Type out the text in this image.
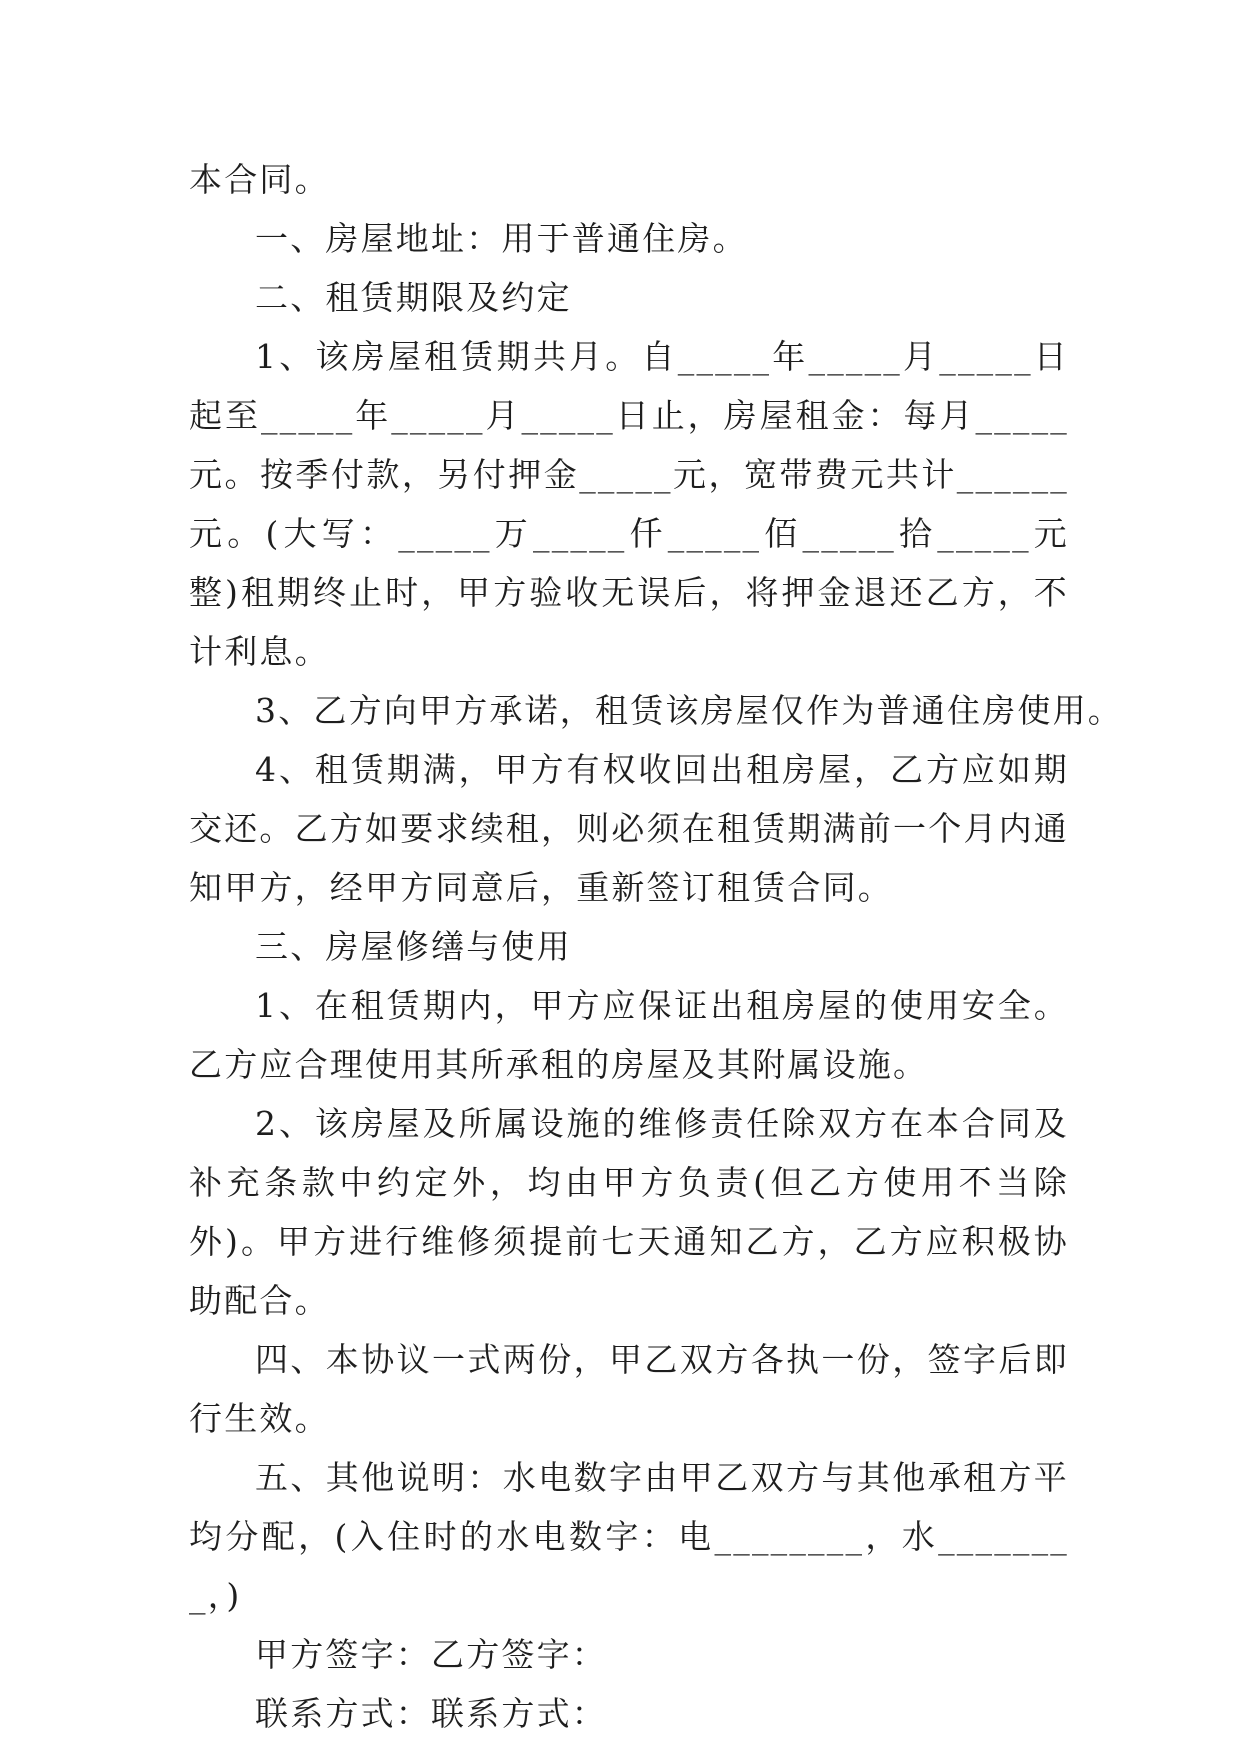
本合同。

一、房屋地址：用于普通住房。

二、租赁期限及约定

1、该房屋租赁期共月。自_____年_____月_____日起至_____年_____月_____日止，房屋租金：每月_____元。按季付款，另付押金_____元，宽带费元共计______元。(大写：_____万_____仟_____佰_____拾_____元整)租期终止时，甲方验收无误后，将押金退还乙方，不计利息。

3、乙方向甲方承诺，租赁该房屋仅作为普通住房使用。

4、租赁期满，甲方有权收回出租房屋，乙方应如期交还。乙方如要求续租，则必须在租赁期满前一个月内通知甲方，经甲方同意后，重新签订租赁合同。

三、房屋修缮与使用

1、在租赁期内，甲方应保证出租房屋的使用安全。乙方应合理使用其所承租的房屋及其附属设施。

2、该房屋及所属设施的维修责任除双方在本合同及补充条款中约定外，均由甲方负责(但乙方使用不当除外)。甲方进行维修须提前七天通知乙方，乙方应积极协助配合。

四、本协议一式两份，甲乙双方各执一份，签字后即行生效。

五、其他说明：水电数字由甲乙双方与其他承租方平均分配，(入住时的水电数字：电________，水________，)

甲方签字：乙方签字：

联系方式：联系方式：
